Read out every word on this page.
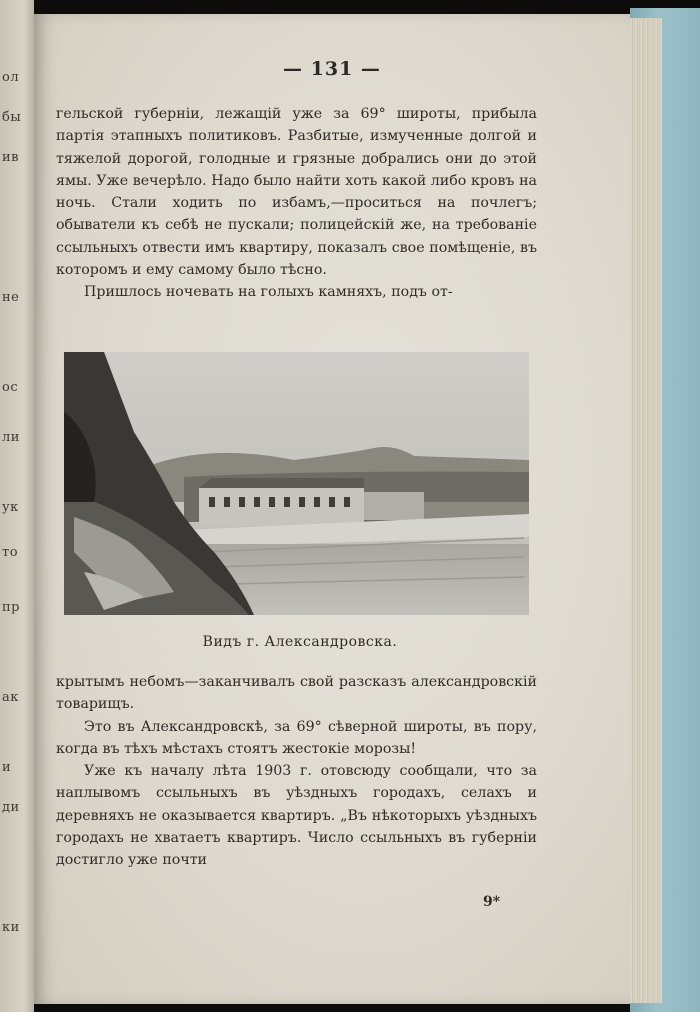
ол
бы
ив
не
ос
ли
ук
то
пр
ак
и
ди
ки
— 131 —

гельской губерніи, лежащій уже за 69° широты, прибыла партія этапныхъ политиковъ. Разбитые, измученные долгой и тяжелой дорогой, голодные и грязные добрались они до этой ямы. Уже вечерѣло. Надо было найти хоть какой либо кровъ на ночь. Стали ходить по избамъ,—проситься на почлегъ; обыватели къ себѣ не пускали; полицейскій же, на требованіе ссыльныхъ отвести имъ квартиру, показалъ свое помѣщеніе, въ которомъ и ему самому было тѣсно.

Пришлось ночевать на голыхъ камняхъ, подъ от-

Видъ г. Александровска.

крытымъ небомъ—заканчивалъ свой разсказъ александровскій товарищъ.

Это въ Александровскѣ, за 69° сѣверной широты, въ пору, когда въ тѣхъ мѣстахъ стоятъ жестокіе морозы!

Уже къ началу лѣта 1903 г. отовсюду сообщали, что за наплывомъ ссыльныхъ въ уѣздныхъ городахъ, селахъ и деревняхъ не оказывается квартиръ. „Въ нѣкоторыхъ уѣздныхъ городахъ не хватаетъ квартиръ. Число ссыльныхъ въ губерніи достигло уже почти

9*
